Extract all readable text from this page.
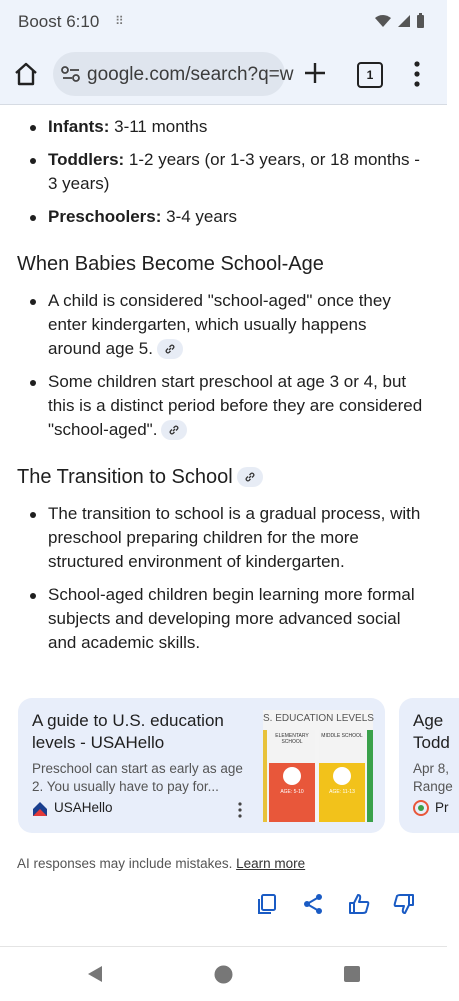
Boost 6:10 ⠿
google.com/search?q=w	1
Infants: 3-11 months
Toddlers: 1-2 years (or 1-3 years, or 18 months - 3 years)
Preschoolers: 3-4 years
When Babies Become School-Age
A child is considered "school-aged" once they enter kindergarten, which usually happens around age 5.
Some children start preschool at age 3 or 4, but this is a distinct period before they are considered "school-aged".
The Transition to School
The transition to school is a gradual process, with preschool preparing children for the more structured environment of kindergarten.
School-aged children begin learning more formal subjects and developing more advanced social and academic skills.
A guide to U.S. education levels - USAHello
Preschool can start as early as age 2. You usually have to pay for...
USAHello
S. EDUCATION LEVELS
ELEMENTARY SCHOOL
AGE: 5-10
MIDDLE SCHOOL
AGE: 11-13
Age
Todd
Apr 8,
Range
Pr
AI responses may include mistakes. Learn more
